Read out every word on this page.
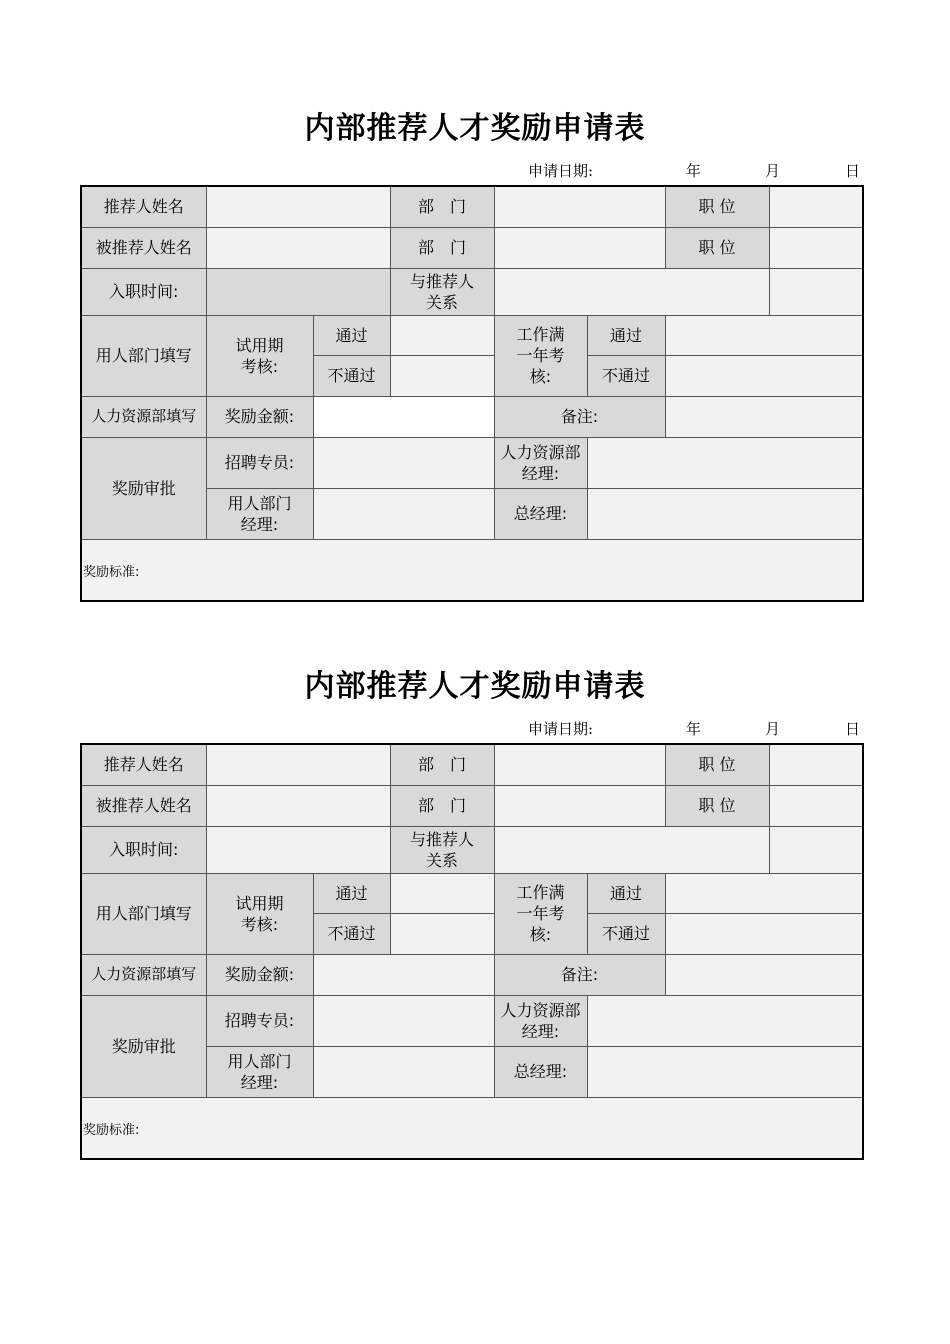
内部推荐人才奖励申请表
申请日期:	年	月	日
推荐人姓名			部　门			职 位	
被推荐人姓名			部　门			职 位	
入职时间:			与推荐人关系				
用人部门填写	试用期考核:	通过		工作满一年考核:	通过		
		不通过			不通过		
人力资源部填写	奖励金额:			备注:			
奖励审批	招聘专员:			人力资源部经理:			
	用人部门经理:			总经理:			
奖励标准:							
内部推荐人才奖励申请表
申请日期:	年	月	日
推荐人姓名			部　门			职 位	
被推荐人姓名			部　门			职 位	
入职时间:			与推荐人关系				
用人部门填写	试用期考核:	通过		工作满一年考核:	通过		
		不通过			不通过		
人力资源部填写	奖励金额:			备注:			
奖励审批	招聘专员:			人力资源部经理:			
	用人部门经理:			总经理:			
奖励标准:							
